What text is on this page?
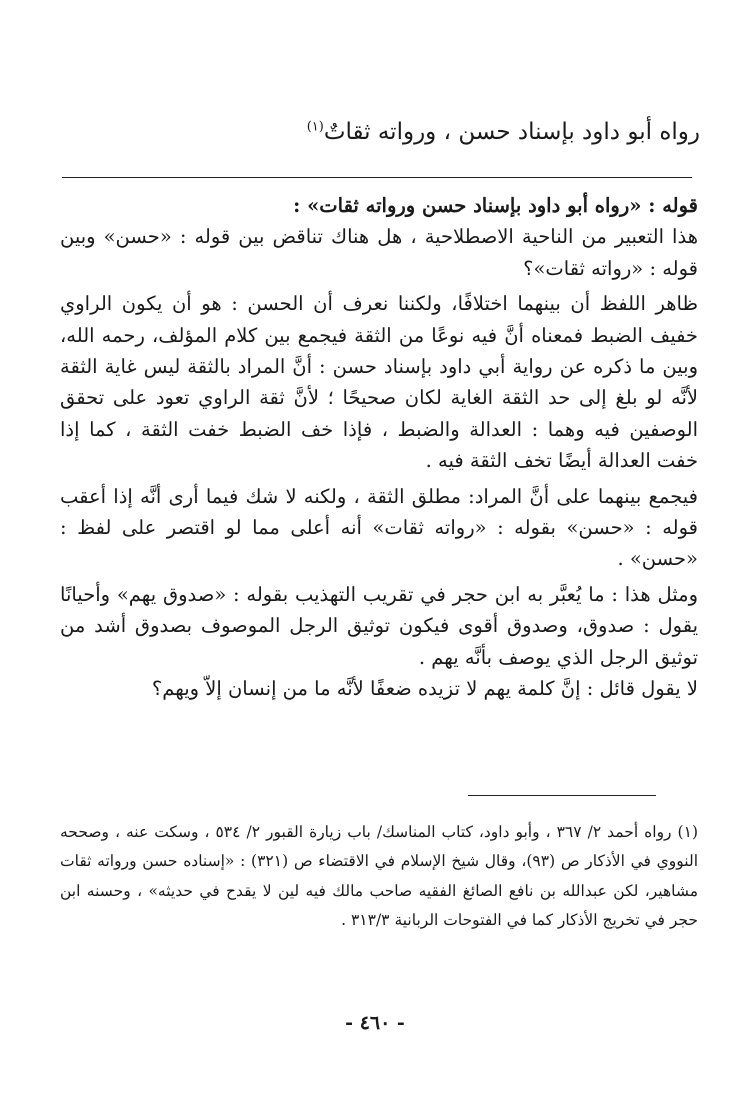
رواه أبو داود بإسناد حسن ، ورواته ثقاتٌ$^{(١)}$

قوله : «رواه أبو داود بإسناد حسن ورواته ثقات» :

هذا التعبير من الناحية الاصطلاحية ، هل هناك تناقض بين قوله : «حسن» وبين قوله : «رواته ثقات»؟

ظاهر اللفظ أن بينهما اختلافًا، ولكننا نعرف أن الحسن : هو أن يكون الراوي خفيف الضبط فمعناه أنَّ فيه نوعًا من الثقة فيجمع بين كلام المؤلف، رحمه الله، وبين ما ذكره عن رواية أبي داود بإسناد حسن : أنَّ المراد بالثقة ليس غاية الثقة لأنَّه لو بلغ إلى حد الثقة الغاية لكان صحيحًا ؛ لأنَّ ثقة الراوي تعود على تحقق الوصفين فيه وهما : العدالة والضبط ، فإذا خف الضبط خفت الثقة ، كما إذا خفت العدالة أيضًا تخف الثقة فيه .

فيجمع بينهما على أنَّ المراد: مطلق الثقة ، ولكنه لا شك فيما أرى أنَّه إذا أعقب قوله : «حسن» بقوله : «رواته ثقات» أنه أعلى مما لو اقتصر على لفظ : «حسن» .

ومثل هذا : ما يُعبَّر به ابن حجر في تقريب التهذيب بقوله : «صدوق يهم» وأحيانًا يقول : صدوق، وصدوق أقوى فيكون توثيق الرجل الموصوف بصدوق أشد من توثيق الرجل الذي يوصف بأنَّه يهم .

لا يقول قائل : إنَّ كلمة يهم لا تزيده ضعفًا لأنَّه ما من إنسان إلاّ ويهم؟

(١) رواه أحمد ٢/ ٣٦٧ ، وأبو داود، كتاب المناسك/ باب زيارة القبور ٢/ ٥٣٤ ، وسكت عنه ، وصححه النووي في الأذكار ص (٩٣)، وقال شيخ الإسلام في الاقتضاء ص (٣٢١) : «إسناده حسن ورواته ثقات مشاهير، لكن عبدالله بن نافع الصائغ الفقيه صاحب مالك فيه لين لا يقدح في حديثه» ، وحسنه ابن حجر في تخريج الأذكار كما في الفتوحات الربانية ٣١٣/٣ .

- ٤٦٠ -
